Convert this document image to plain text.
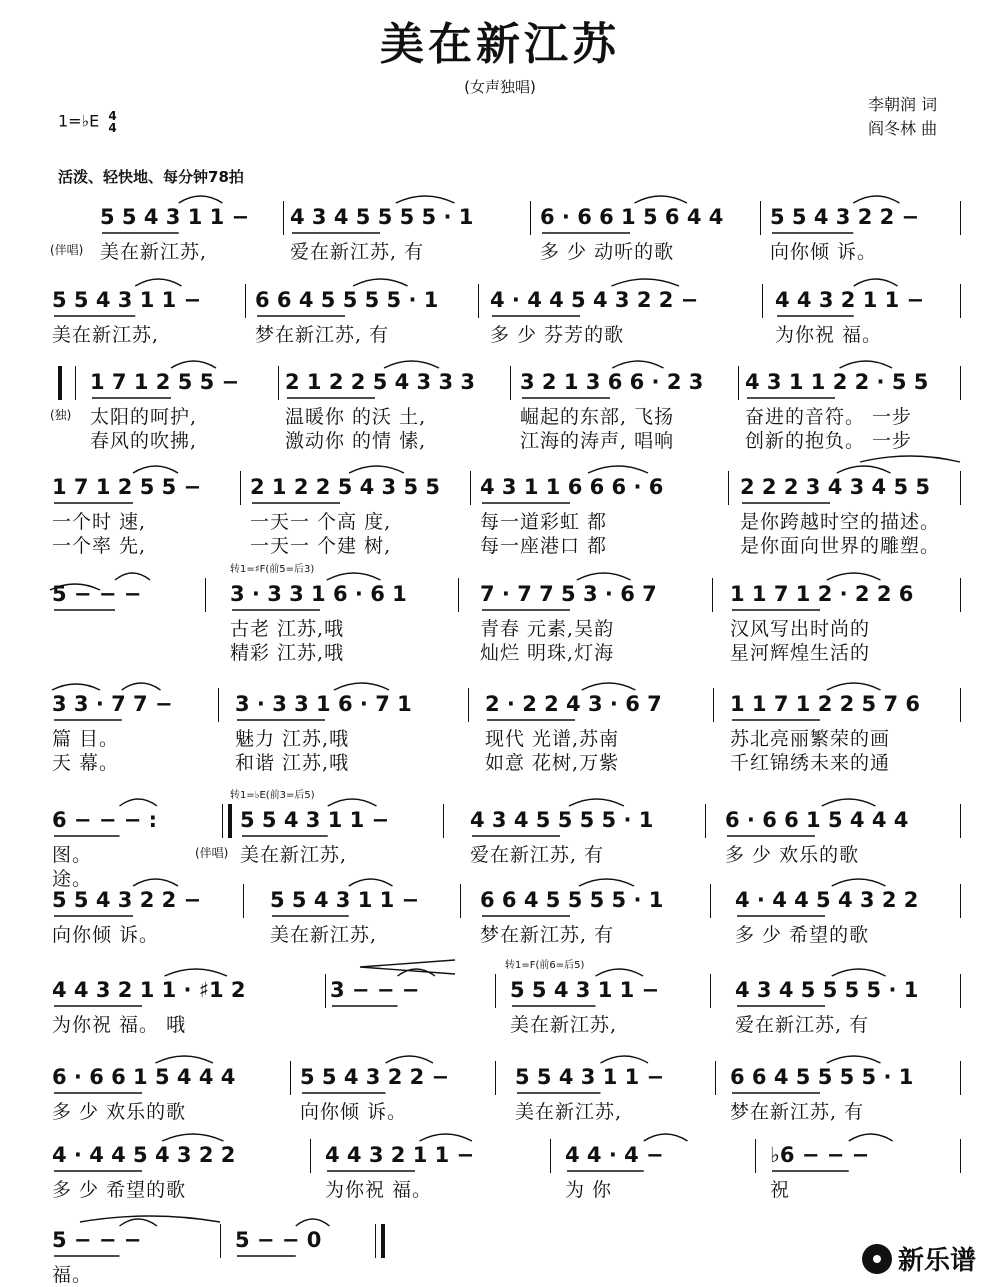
美在新江苏
(女声独唱)
1=♭E 4
4
李朝润 词
阎冬林 曲
活泼、轻快地、每分钟78拍
(伴唱)
5 5 4 3 1 1 −
美在新江苏,
4 3 4 5 5 5 5 · 1
爱在新江苏, 有
6 · 6 6 1 5 6 4 4
多 少 动听的歌
5 5 4 3 2 2 −
向你倾 诉。
5 5 4 3 1 1 −
美在新江苏,
6 6 4 5 5 5 5 · 1
梦在新江苏, 有
4 · 4 4 5 4 3 2 2 −
多 少 芬芳的歌
4 4 3 2 1 1 −
为你祝 福。
(独)
1 7 1 2 5 5 −
太阳的呵护,
春风的吹拂,
2 1 2 2 5 4 3 3 3
温暖你 的沃 土,
激动你 的情 愫,
3 2 1 3 6 6 · 2 3
崛起的东部, 飞扬
江海的涛声, 唱响
4 3 1 1 2 2 · 5 5
奋进的音符。 一步
创新的抱负。 一步
1 7 1 2 5 5 −
一个时 速,
一个率 先,
2 1 2 2 5 4 3 5 5
一天一 个高 度,
一天一 个建 树,
4 3 1 1 6 6 6 · 6
每一道彩虹 都
每一座港口 都
2 2 2 3 4 3 4 5 5
是你跨越时空的描述。
是你面向世界的雕塑。
转1=♯F(前5=后3)
5 − − −	3 · 3 3 1 6 · 6 1
古老 江苏,哦
精彩 江苏,哦
7 · 7 7 5 3 · 6 7
青春 元素,吴韵
灿烂 明珠,灯海
1 1 7 1 2 · 2 2 6
汉风写出时尚的
星河辉煌生活的
3 3 · 7 7 −
篇 目。
天 幕。
3 · 3 3 1 6 · 7 1
魅力 江苏,哦
和谐 江苏,哦
2 · 2 2 4 3 · 6 7
现代 光谱,苏南
如意 花树,万紫
1 1 7 1 2 2 5 7 6
苏北亮丽繁荣的画
千红锦绣未来的通
转1=♭E(前3=后5)
(伴唱)
6 − − − :
图。
途。
5 5 4 3 1 1 −
美在新江苏,
4 3 4 5 5 5 5 · 1
爱在新江苏, 有
6 · 6 6 1 5 4 4 4
多 少 欢乐的歌
5 5 4 3 2 2 −
向你倾 诉。
5 5 4 3 1 1 −
美在新江苏,
6 6 4 5 5 5 5 · 1
梦在新江苏, 有
4 · 4 4 5 4 3 2 2
多 少 希望的歌
转1=F(前6=后5)
4 4 3 2 1 1 · ♯1 2
为你祝 福。 哦
3 − − −	5 5 4 3 1 1 −
美在新江苏,
4 3 4 5 5 5 5 · 1
爱在新江苏, 有
6 · 6 6 1 5 4 4 4
多 少 欢乐的歌
5 5 4 3 2 2 −
向你倾 诉。
5 5 4 3 1 1 −
美在新江苏,
6 6 4 5 5 5 5 · 1
梦在新江苏, 有
4 · 4 4 5 4 3 2 2
多 少 希望的歌
4 4 3 2 1 1 −
为你祝 福。
4 4 · 4 −
为 你
♭6 − − −
祝
5 − − −
福。
5 − − 0
新乐谱
